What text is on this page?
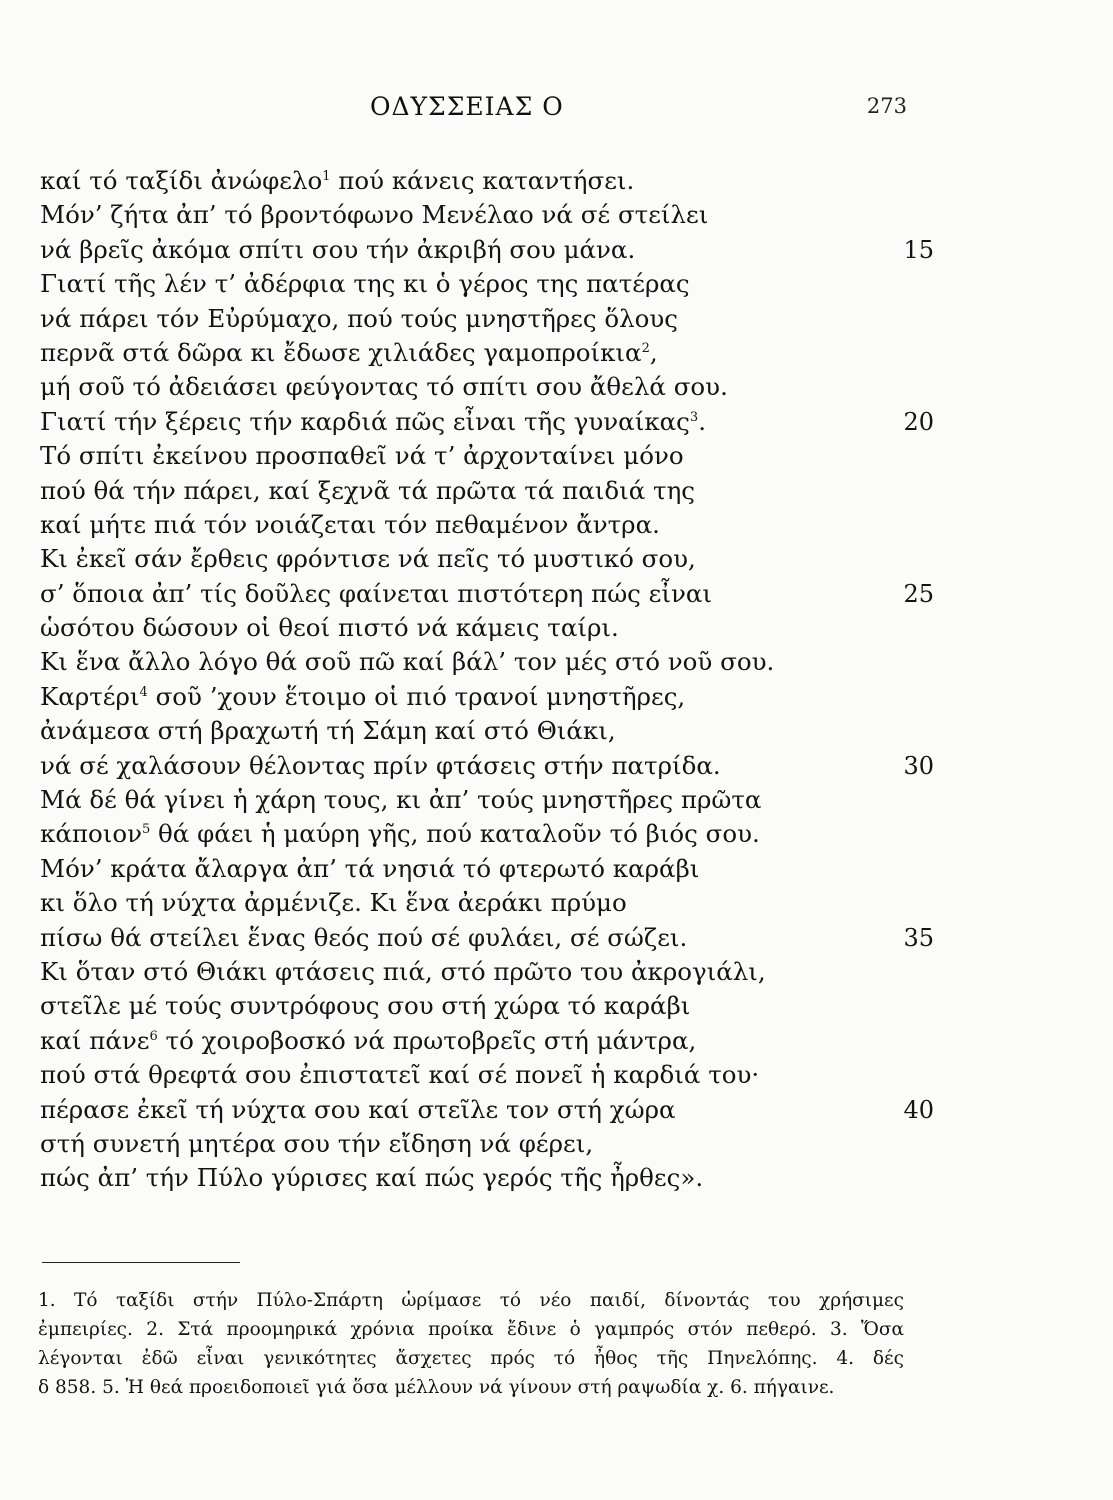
ΟΔΥΣΣΕΙΑΣ Ο	273
καί τό ταξίδι ἀνώφελο$^1$ πού κάνεις καταντήσει.
Μόν’ ζήτα ἀπ’ τό βροντόφωνο Μενέλαο νά σέ στείλει
νά βρεῖς ἀκόμα σπίτι σου τήν ἀκριβή σου μάνα.	15
Γιατί τῆς λέν τ’ ἀδέρφια της κι ὁ γέρος της πατέρας
νά πάρει τόν Εὐρύμαχο, πού τούς μνηστῆρες ὅλους
περνᾶ στά δῶρα κι ἔδωσε χιλιάδες γαμοπροίκια$^2$,
μή σοῦ τό ἀδειάσει φεύγοντας τό σπίτι σου ἄθελά σου.
Γιατί τήν ξέρεις τήν καρδιά πῶς εἶναι τῆς γυναίκας$^3$.	20
Τό σπίτι ἐκείνου προσπαθεῖ νά τ’ ἀρχονταίνει μόνο
πού θά τήν πάρει, καί ξεχνᾶ τά πρῶτα τά παιδιά της
καί μήτε πιά τόν νοιάζεται τόν πεθαμένον ἄντρα.
Κι ἐκεῖ σάν ἔρθεις φρόντισε νά πεῖς τό μυστικό σου,
σ’ ὅποια ἀπ’ τίς δοῦλες φαίνεται πιστότερη πώς εἶναι	25
ὡσότου δώσουν οἱ θεοί πιστό νά κάμεις ταίρι.
Κι ἕνα ἄλλο λόγο θά σοῦ πῶ καί βάλ’ τον μές στό νοῦ σου.
Καρτέρι$^4$ σοῦ ’χουν ἕτοιμο οἱ πιό τρανοί μνηστῆρες,
ἀνάμεσα στή βραχωτή τή Σάμη καί στό Θιάκι,
νά σέ χαλάσουν θέλοντας πρίν φτάσεις στήν πατρίδα.	30
Μά δέ θά γίνει ἡ χάρη τους, κι ἀπ’ τούς μνηστῆρες πρῶτα
κάποιον$^5$ θά φάει ἡ μαύρη γῆς, πού καταλοῦν τό βιός σου.
Μόν’ κράτα ἄλαργα ἀπ’ τά νησιά τό φτερωτό καράβι
κι ὅλο τή νύχτα ἀρμένιζε. Κι ἕνα ἀεράκι πρύμο
πίσω θά στείλει ἕνας θεός πού σέ φυλάει, σέ σώζει.	35
Κι ὅταν στό Θιάκι φτάσεις πιά, στό πρῶτο του ἀκρογιάλι,
στεῖλε μέ τούς συντρόφους σου στή χώρα τό καράβι
καί πάνε$^6$ τό χοιροβοσκό νά πρωτοβρεῖς στή μάντρα,
πού στά θρεφτά σου ἐπιστατεῖ καί σέ πονεῖ ἡ καρδιά του·
πέρασε ἐκεῖ τή νύχτα σου καί στεῖλε τον στή χώρα	40
στή συνετή μητέρα σου τήν εἴδηση νά φέρει,
πώς ἀπ’ τήν Πύλο γύρισες καί πώς γερός τῆς ἦρθες».
1. Τό ταξίδι στήν Πύλο-Σπάρτη ὡρίμασε τό νέο παιδί, δίνοντάς του χρήσιμες
ἐμπειρίες. 2. Στά προομηρικά χρόνια προίκα ἔδινε ὁ γαμπρός στόν πεθερό. 3. Ὅσα
λέγονται ἐδῶ εἶναι γενικότητες ἄσχετες πρός τό ἦθος τῆς Πηνελόπης. 4. δές
δ 858. 5. Ἡ θεά προειδοποιεῖ γιά ὅσα μέλλουν νά γίνουν στή ραψωδία χ. 6. πήγαινε.
